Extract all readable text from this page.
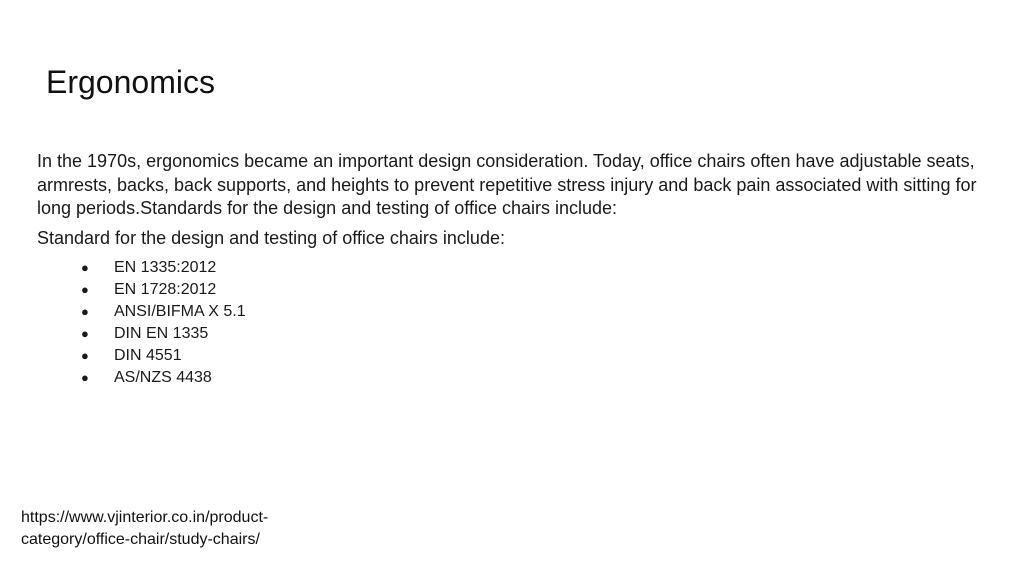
Ergonomics

In the 1970s, ergonomics became an important design consideration. Today, office chairs often have adjustable seats, armrests, backs, back supports, and heights to prevent repetitive stress injury and back pain associated with sitting for long periods.Standards for the design and testing of office chairs include:

Standard for the design and testing of office chairs include:

● EN 1335:2012
● EN 1728:2012
● ANSI/BIFMA X 5.1
● DIN EN 1335
● DIN 4551
● AS/NZS 4438
https://www.vjinterior.co.in/product-
category/office-chair/study-chairs/
